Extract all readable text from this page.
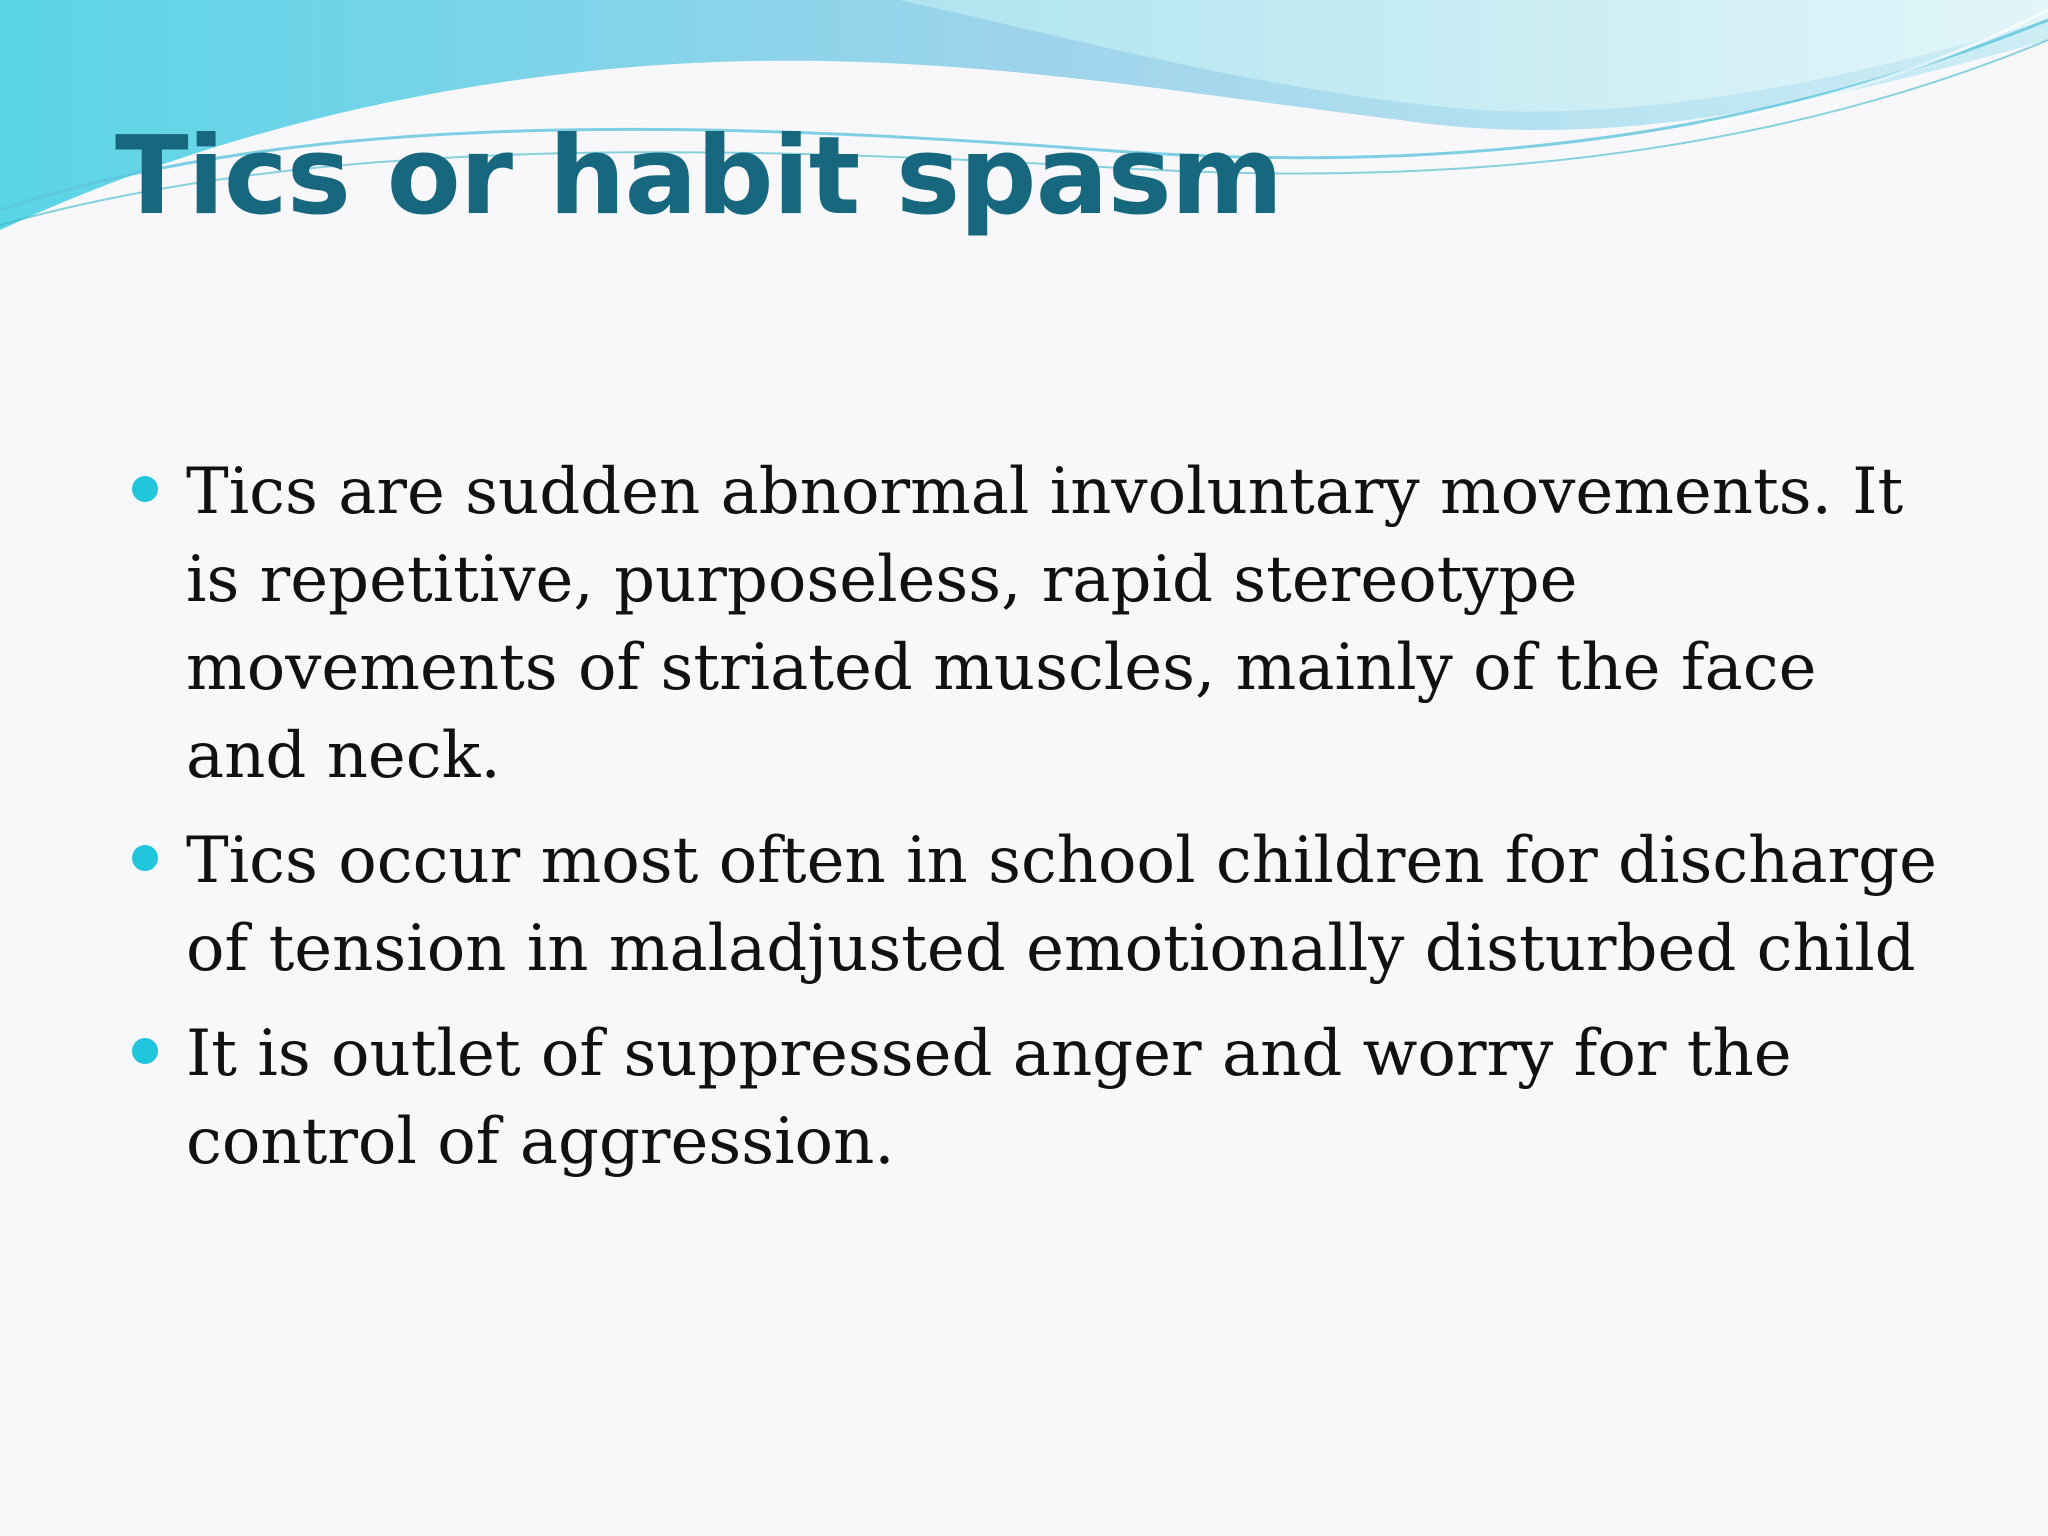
Tics or habit spasm
Tics are sudden abnormal involuntary movements. It is repetitive, purposeless, rapid stereotype movements of striated muscles, mainly of the face and neck.
Tics occur most often in school children for discharge of tension in maladjusted emotionally disturbed child
It is outlet of suppressed anger and worry for the control of aggression.
